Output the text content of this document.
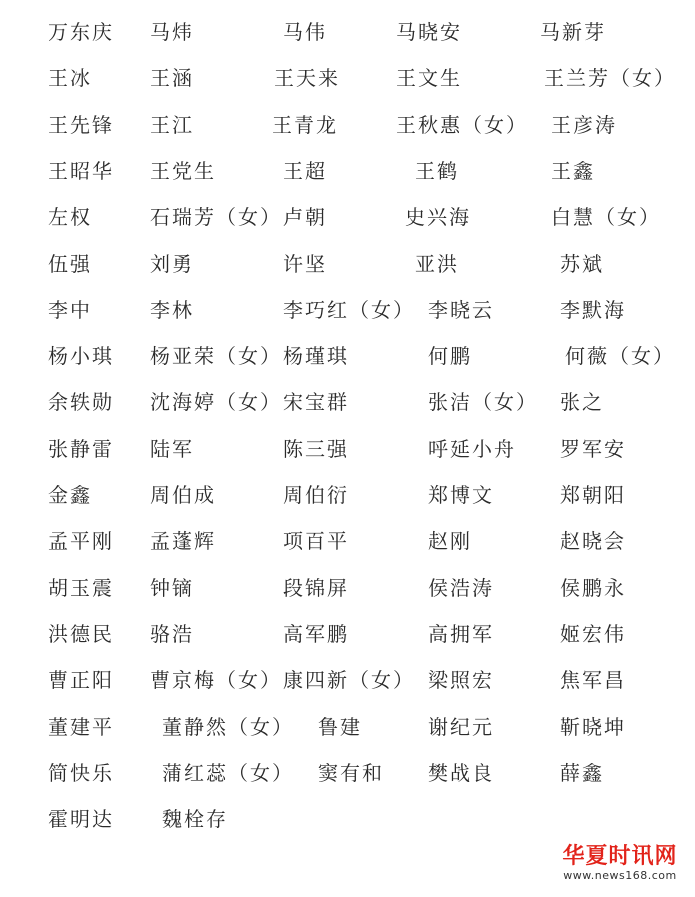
万东庆 马炜	马伟	马晓安	马新芽
王冰	王涵	王天来	王文生	王兰芳（女）
王先锋 王江	王青龙	王秋惠（女） 王彦涛
王昭华 王党生	王超	王鹤	王鑫
左权	石瑞芳（女） 卢朝	史兴海	白慧（女）
伍强	刘勇	许坚	亚洪	苏斌
李中	李林	李巧红（女） 李晓云	李默海
杨小琪 杨亚荣（女） 杨瑾琪	何鹏	何薇（女）
余轶勋 沈海婷（女） 宋宝群	张洁（女） 张之
张静雷 陆军	陈三强	呼延小舟 罗军安
金鑫	周伯成	周伯衍	郑博文	郑朝阳
孟平刚 孟蓬辉	项百平	赵刚	赵晓会
胡玉震 钟镝	段锦屏	侯浩涛	侯鹏永
洪德民 骆浩	高军鹏	高拥军	姬宏伟
曹正阳 曹京梅（女） 康四新（女） 梁照宏	焦军昌
董建平 董静然（女） 鲁建	谢纪元	靳晓坤
简快乐 蒲红蕊（女） 窦有和 樊战良	薛鑫
霍明达 魏栓存
华夏时讯网
www.news168.com
